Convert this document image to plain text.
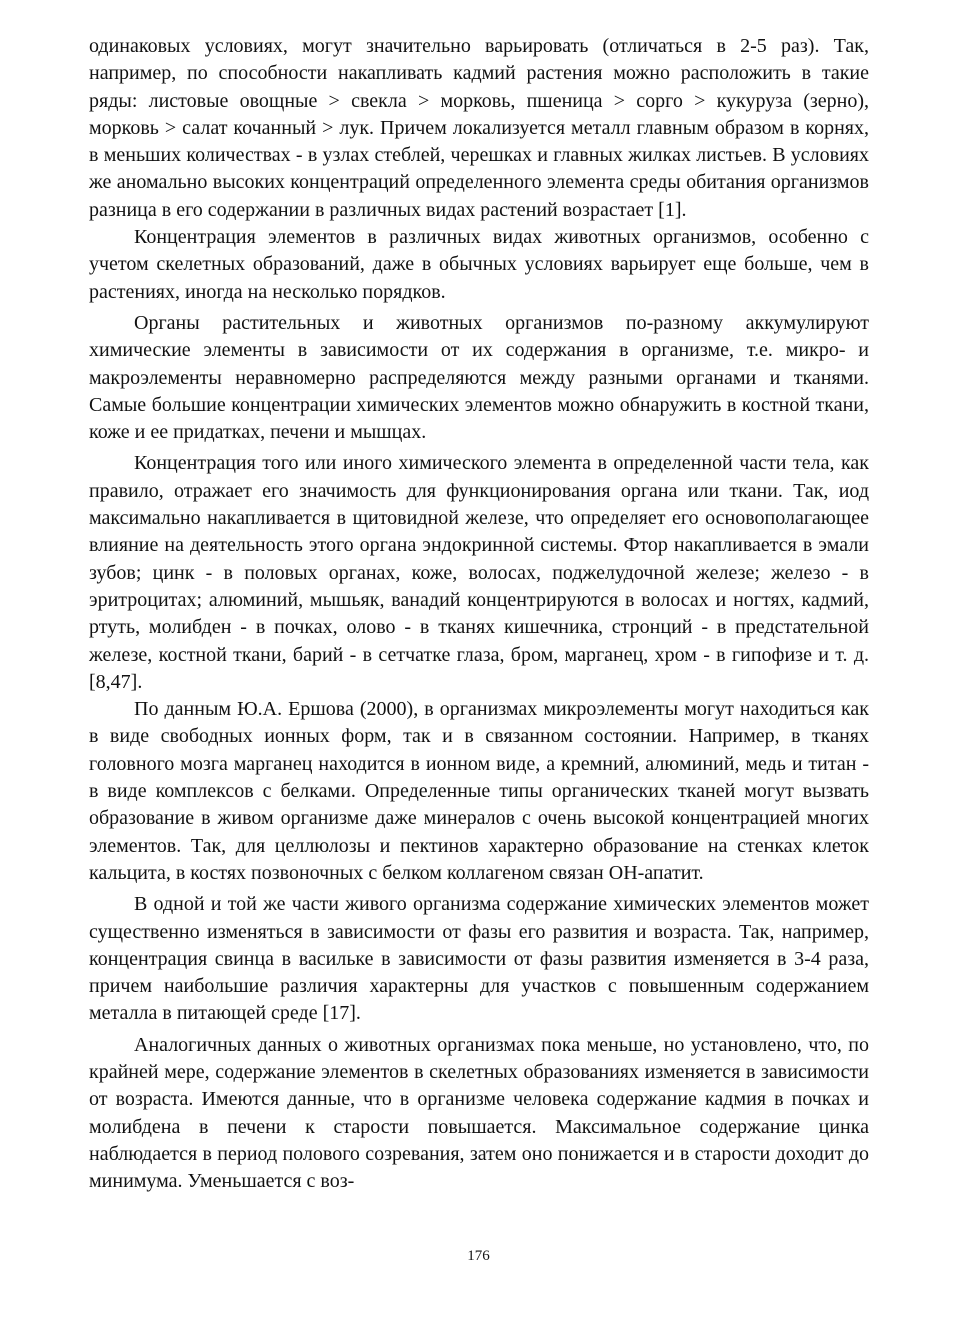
одинаковых условиях, могут значительно варьировать (отличаться в 2-5 раз). Так, например, по способности накапливать кадмий растения можно расположить в такие ряды: листовые овощные > свекла > морковь, пшеница > сорго > кукуруза (зерно), морковь > салат кочанный > лук. Причем локализуется металл главным образом в корнях, в меньших количествах - в узлах стеблей, черешках и главных жилках листьев. В условиях же аномально высоких концентраций определенного элемента среды обитания организмов разница в его содержании в различных видах растений возрастает [1].

Концентрация элементов в различных видах животных организмов, особенно с учетом скелетных образований, даже в обычных условиях варьирует еще больше, чем в растениях, иногда на несколько порядков.

Органы растительных и животных организмов по-разному аккумулируют химические элементы в зависимости от их содержания в организме, т.е. микро- и макроэлементы неравномерно распределяются между разными органами и тканями. Самые большие концентрации химических элементов можно обнаружить в костной ткани, коже и ее придатках, печени и мышцах.

Концентрация того или иного химического элемента в определенной части тела, как правило, отражает его значимость для функционирования органа или ткани. Так, иод максимально накапливается в щитовидной железе, что определяет его основополагающее влияние на деятельность этого органа эндокринной системы. Фтор накапливается в эмали зубов; цинк - в половых органах, коже, волосах, поджелудочной железе; железо - в эритроцитах; алюминий, мышьяк, ванадий концентрируются в волосах и ногтях, кадмий, ртуть, молибден - в почках, олово - в тканях кишечника, стронций - в предстательной железе, костной ткани, барий - в сетчатке глаза, бром, марганец, хром - в гипофизе и т. д. [8,47].

По данным Ю.А. Ершова (2000), в организмах микроэлементы могут находиться как в виде свободных ионных форм, так и в связанном состоянии. Например, в тканях головного мозга марганец находится в ионном виде, а кремний, алюминий, медь и титан - в виде комплексов с белками. Определенные типы органических тканей могут вызвать образование в живом организме даже минералов с очень высокой концентрацией многих элементов. Так, для целлюлозы и пектинов характерно образование на стенках клеток кальцита, в костях позвоночных с белком коллагеном связан ОН-апатит.

В одной и той же части живого организма содержание химических элементов может существенно изменяться в зависимости от фазы его развития и возраста. Так, например, концентрация свинца в васильке в зависимости от фазы развития изменяется в 3-4 раза, причем наибольшие различия характерны для участков с повышенным содержанием металла в питающей среде [17].

Аналогичных данных о животных организмах пока меньше, но установлено, что, по крайней мере, содержание элементов в скелетных образованиях изменяется в зависимости от возраста. Имеются данные, что в организме человека содержание кадмия в почках и молибдена в печени к старости повышается. Максимальное содержание цинка наблюдается в период полового созревания, затем оно понижается и в старости доходит до минимума. Уменьшается с воз-

176
